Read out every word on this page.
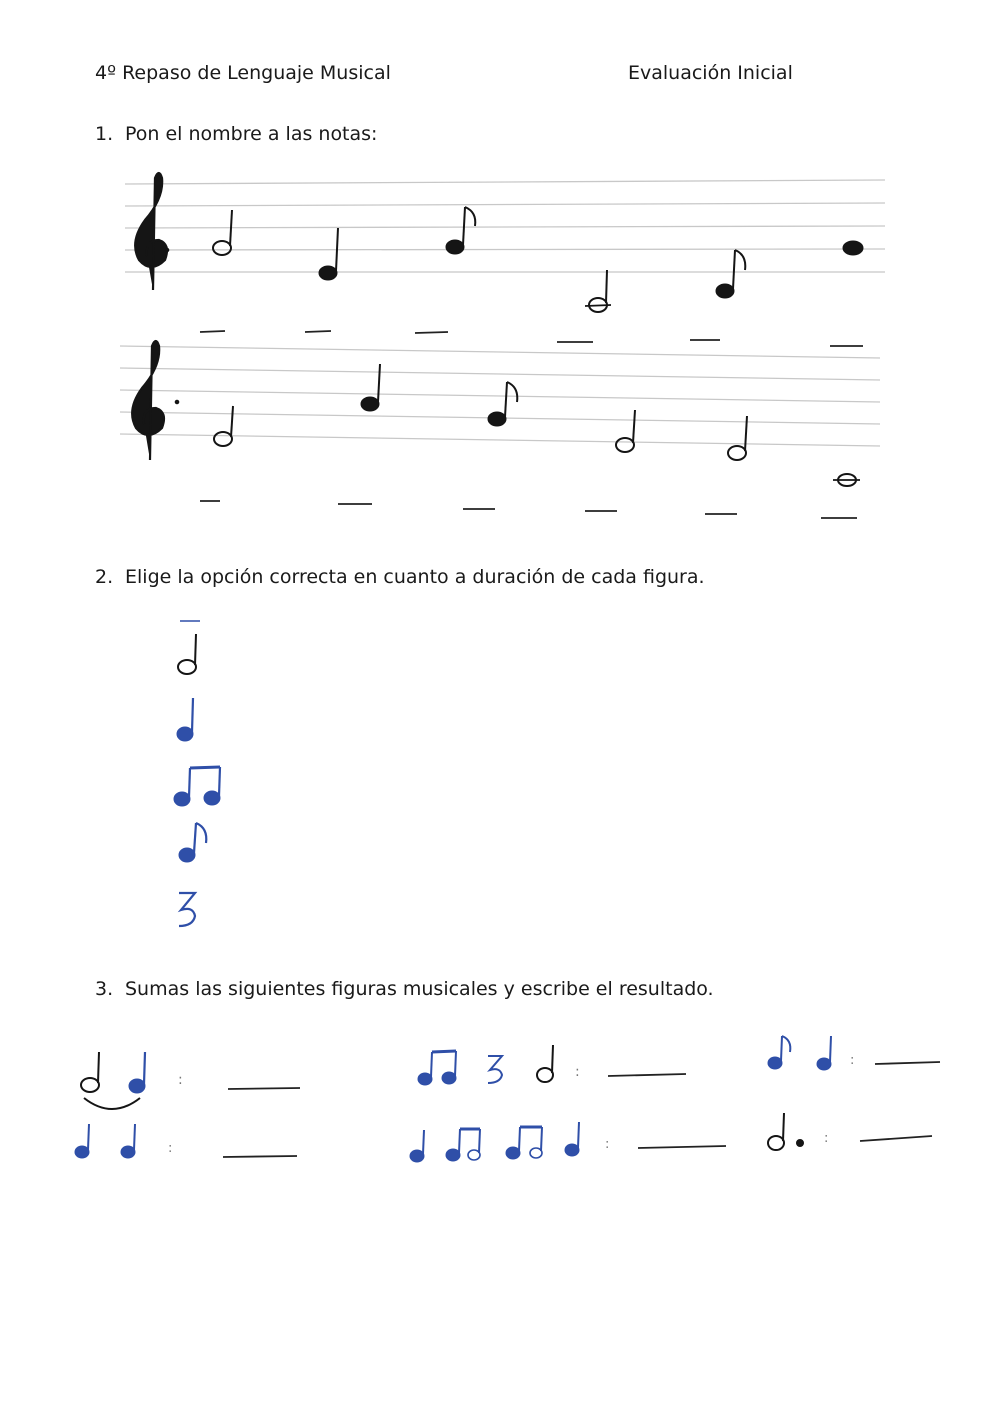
4º Repaso de Lenguaje Musical	Evaluación Inicial
1. Pon el nombre a las notas:
2. Elige la opción correcta en cuanto a duración de cada figura.
3. Sumas las siguientes figuras musicales y escribe el resultado.
:	:
:
:	:	:
